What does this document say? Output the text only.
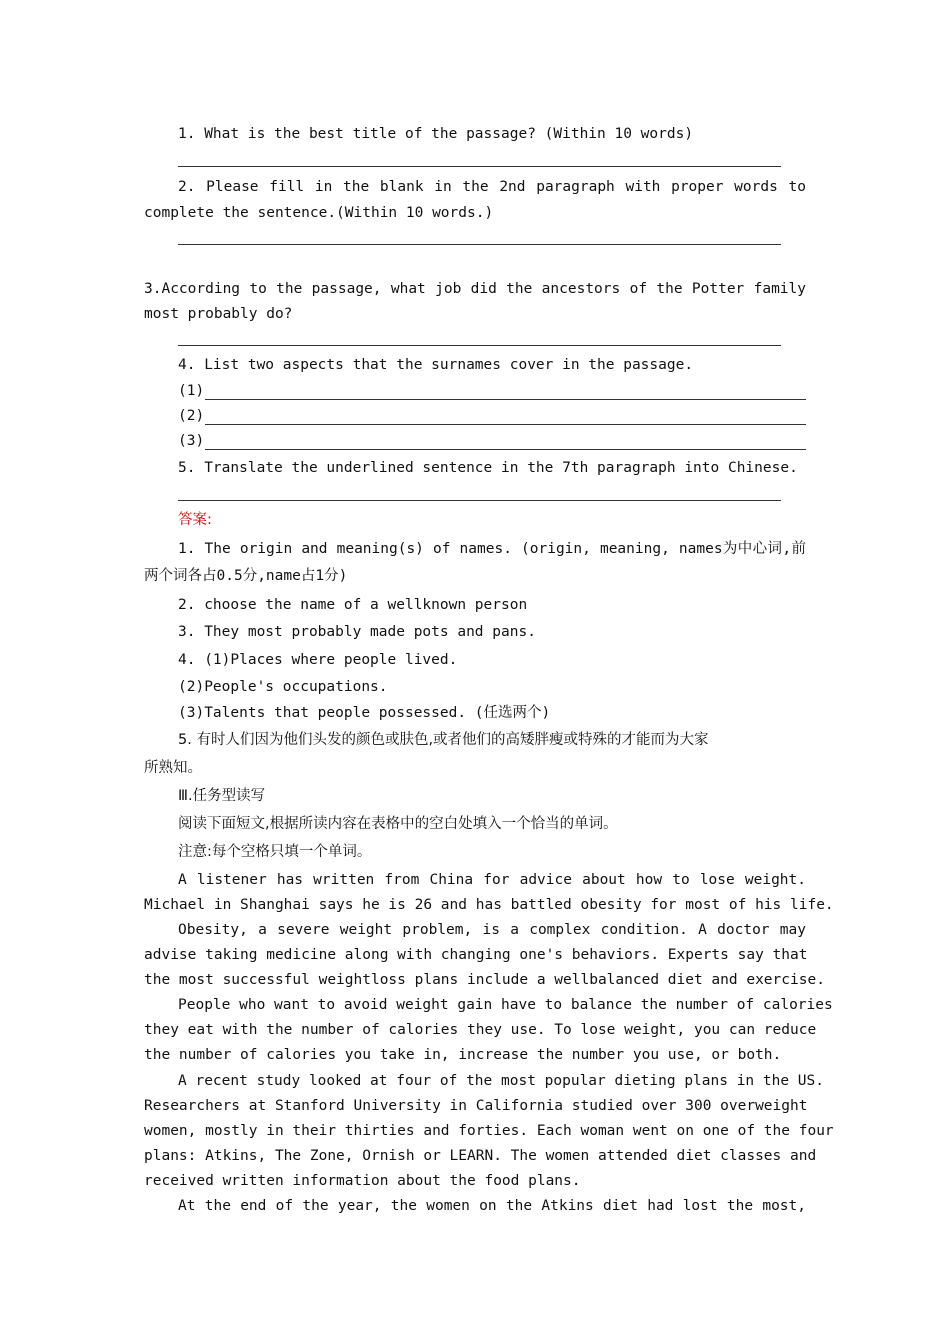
1. What is the best title of the passage? (Within 10 words)
2. Please fill in the blank in the 2nd paragraph with proper words to
complete the sentence.(Within 10 words.)
3.According to the passage, what job did the ancestors of the Potter family
most probably do?
4. List two aspects that the surnames cover in the passage.
(1)
(2)
(3)
5. Translate the underlined sentence in the 7th paragraph into Chinese.
答案:
1. The origin and meaning(s) of names. (origin, meaning, names为中心词,前
两个词各占0.5分,name占1分)
2. choose the name of a wellknown person
3. They most probably made pots and pans.
4. (1)Places where people lived.
(2)People's occupations.
(3)Talents that people possessed. (任选两个)
5. 有时人们因为他们头发的颜色或肤色,或者他们的高矮胖瘦或特殊的才能而为大家
所熟知。
Ⅲ.任务型读写
阅读下面短文,根据所读内容在表格中的空白处填入一个恰当的单词。
注意:每个空格只填一个单词。
A listener has written from China for advice about how to lose weight.
Michael in Shanghai says he is 26 and has battled obesity for most of his life.
Obesity, a severe weight problem, is a complex condition. A doctor may
advise taking medicine along with changing one's behaviors. Experts say that
the most successful weightloss plans include a wellbalanced diet and exercise.
People who want to avoid weight gain have to balance the number of calories
they eat with the number of calories they use. To lose weight, you can reduce
the number of calories you take in, increase the number you use, or both.
A recent study looked at four of the most popular dieting plans in the US.
Researchers at Stanford University in California studied over 300 overweight
women, mostly in their thirties and forties. Each woman went on one of the four
plans: Atkins, The Zone, Ornish or LEARN. The women attended diet classes and
received written information about the food plans.
At the end of the year, the women on the Atkins diet had lost the most,
